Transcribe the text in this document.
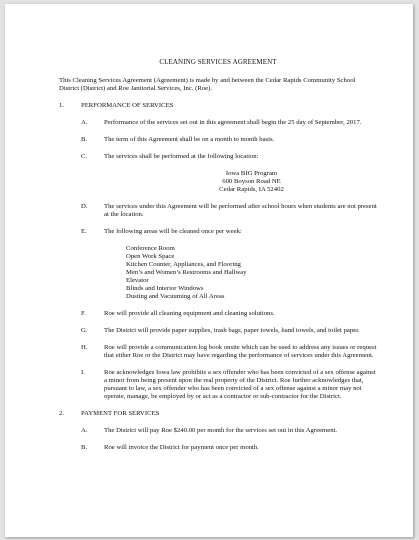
CLEANING SERVICES AGREEMENT
This Cleaning Services Agreement (Agreement) is made by and between the Cedar Rapids Community School District (District) and Roe Janitorial Services, Inc. (Roe).
1.	PERFORMANCE OF SERVICES
A.	Performance of the services set out in this agreement shall begin the 25 day of September, 2017.
B.	The term of this Agreement shall be on a month to month basis.
C.	The services shall be performed at the following location:
Iowa BIG Program
600 Boyson Road NE
Cedar Rapids, IA 52402
D.	The services under this Agreement will be performed after school hours when students are not present at the location.
E.	The following areas will be cleaned once per week:
Conference Room
Open Work Space
Kitchen Counter, Appliances, and Flooring
Men’s and Women’s Restrooms and Hallway
Elevator
Blinds and Interior Windows
Dusting and Vacuuming of All Areas
F.	Roe will provide all cleaning equipment and cleaning solutions.
G.	The District will provide paper supplies, trash bags, paper towels, hand towels, and toilet paper.
H.	Roe will provide a communication log book onsite which can be used to address any issues or request that either Roe or the District may have regarding the performance of services under this Agreement.
I.	Roe acknowledges Iowa law prohibits a sex offender who has been convicted of a sex offense against a minor from being present upon the real property of the District. Roe further acknowledges that, pursuant to law, a sex offender who has been convicted of a sex offense against a minor may not operate, manage, be employed by or act as a contractor or sub-contractor for the District.
2.	PAYMENT FOR SERVICES
A.	The District will pay Roe $240.00 per month for the services set out in this Agreement.
B.	Roe will invoice the District for payment once per month.
